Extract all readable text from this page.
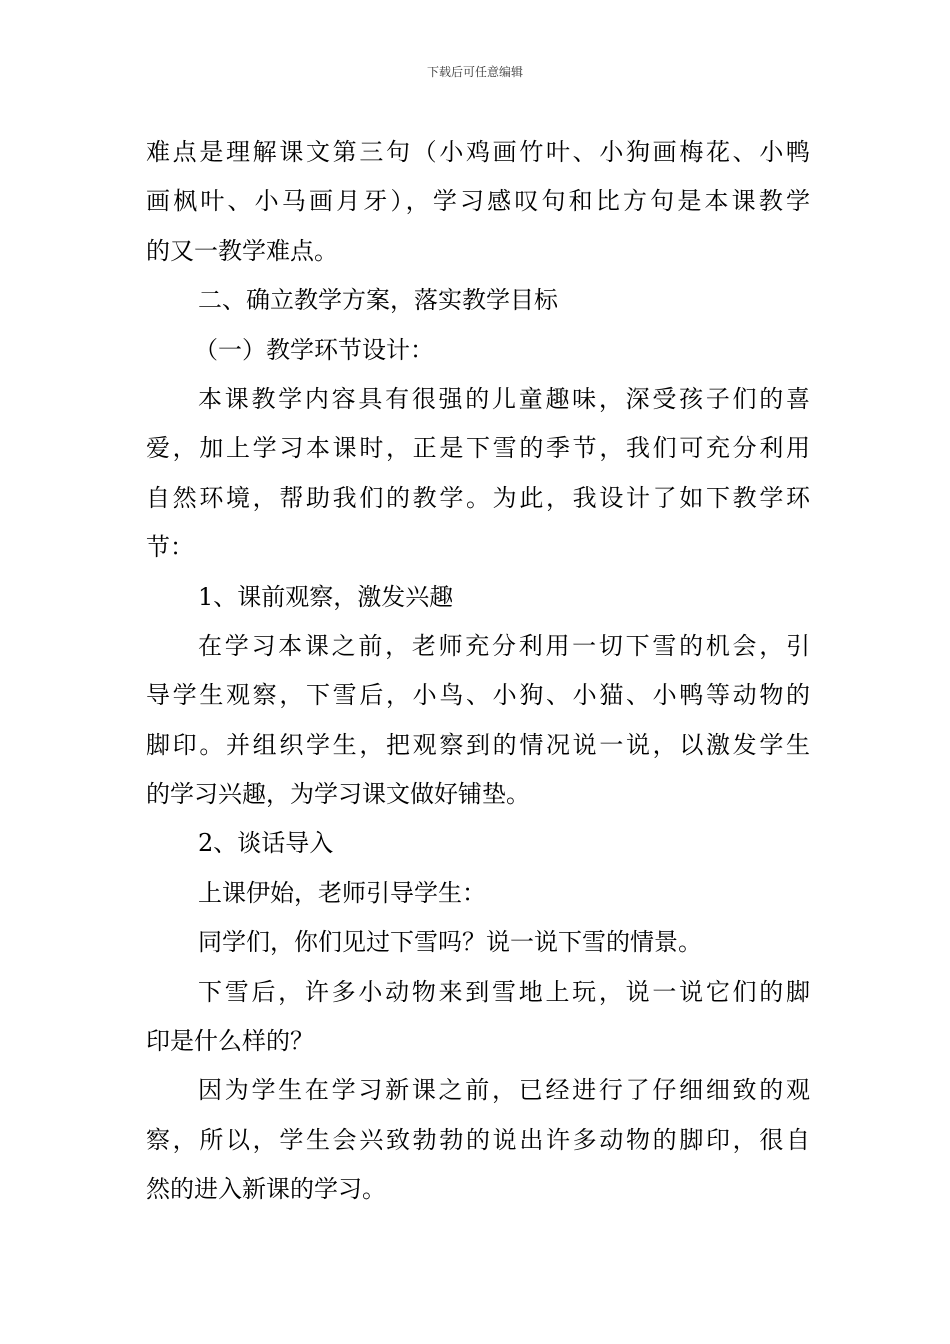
下载后可任意编辑
难点是理解课文第三句（小鸡画竹叶、小狗画梅花、小鸭
画枫叶、小马画月牙），学习感叹句和比方句是本课教学
的又一教学难点。
二、确立教学方案，落实教学目标
（一）教学环节设计：
本课教学内容具有很强的儿童趣味，深受孩子们的喜
爱，加上学习本课时，正是下雪的季节，我们可充分利用
自然环境，帮助我们的教学。为此，我设计了如下教学环
节：
1、课前观察，激发兴趣
在学习本课之前，老师充分利用一切下雪的机会，引
导学生观察，下雪后，小鸟、小狗、小猫、小鸭等动物的
脚印。并组织学生，把观察到的情况说一说，以激发学生
的学习兴趣，为学习课文做好铺垫。
2、谈话导入
上课伊始，老师引导学生：
同学们，你们见过下雪吗？说一说下雪的情景。
下雪后，许多小动物来到雪地上玩，说一说它们的脚
印是什么样的？
因为学生在学习新课之前，已经进行了仔细细致的观
察，所以，学生会兴致勃勃的说出许多动物的脚印，很自
然的进入新课的学习。
